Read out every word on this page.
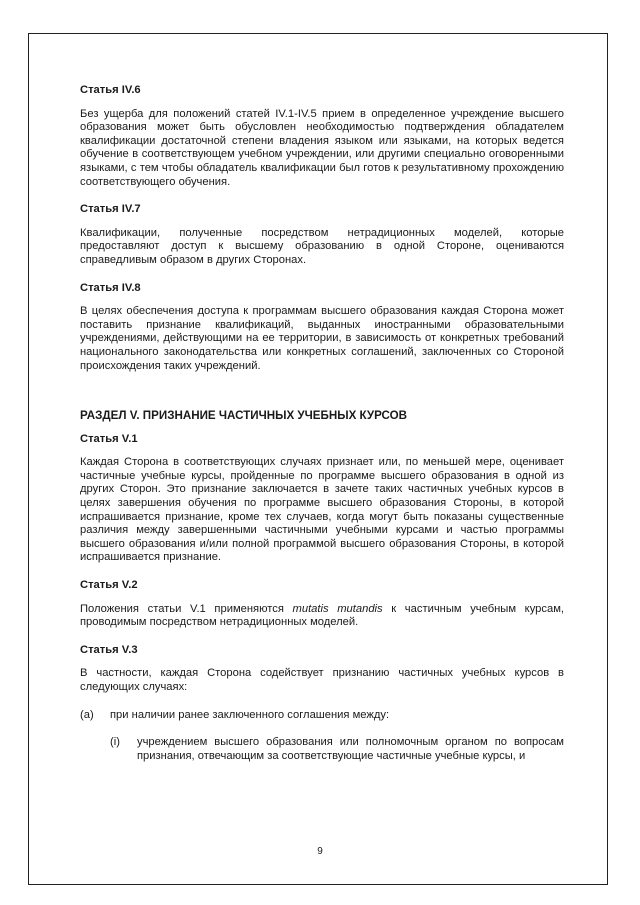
Статья IV.6

Без ущерба для положений статей IV.1-IV.5 прием в определенное учреждение высшего образования может быть обусловлен необходимостью подтверждения обладателем квалификации достаточной степени владения языком или языками, на которых ведется обучение в соответствующем учебном учреждении, или другими специально оговоренными языками, с тем чтобы обладатель квалификации был готов к результативному прохождению соответствующего обучения.

Статья IV.7

Квалификации, полученные посредством нетрадиционных моделей, которые предоставляют доступ к высшему образованию в одной Стороне, оцениваются справедливым образом в других Сторонах.

Статья IV.8

В целях обеспечения доступа к программам высшего образования каждая Сторона может поставить признание квалификаций, выданных иностранными образовательными учреждениями, действующими на ее территории, в зависимость от конкретных требований национального законодательства или конкретных соглашений, заключенных со Стороной происхождения таких учреждений.

РАЗДЕЛ V. ПРИЗНАНИЕ ЧАСТИЧНЫХ УЧЕБНЫХ КУРСОВ
Статья V.1

Каждая Сторона в соответствующих случаях признает или, по меньшей мере, оценивает частичные учебные курсы, пройденные по программе высшего образования в одной из других Сторон. Это признание заключается в зачете таких частичных учебных курсов в целях завершения обучения по программе высшего образования Стороны, в которой испрашивается признание, кроме тех случаев, когда могут быть показаны существенные различия между завершенными частичными учебными курсами и частью программы высшего образования и/или полной программой высшего образования Стороны, в которой испрашивается признание.

Статья V.2

Положения статьи V.1 применяются mutatis mutandis к частичным учебным курсам, проводимым посредством нетрадиционных моделей.

Статья V.3

В частности, каждая Сторона содействует признанию частичных учебных курсов в следующих случаях:

(a)	при наличии ранее заключенного соглашения между:
(i)	учреждением высшего образования или полномочным органом по вопросам признания, отвечающим за соответствующие частичные учебные курсы, и
9
